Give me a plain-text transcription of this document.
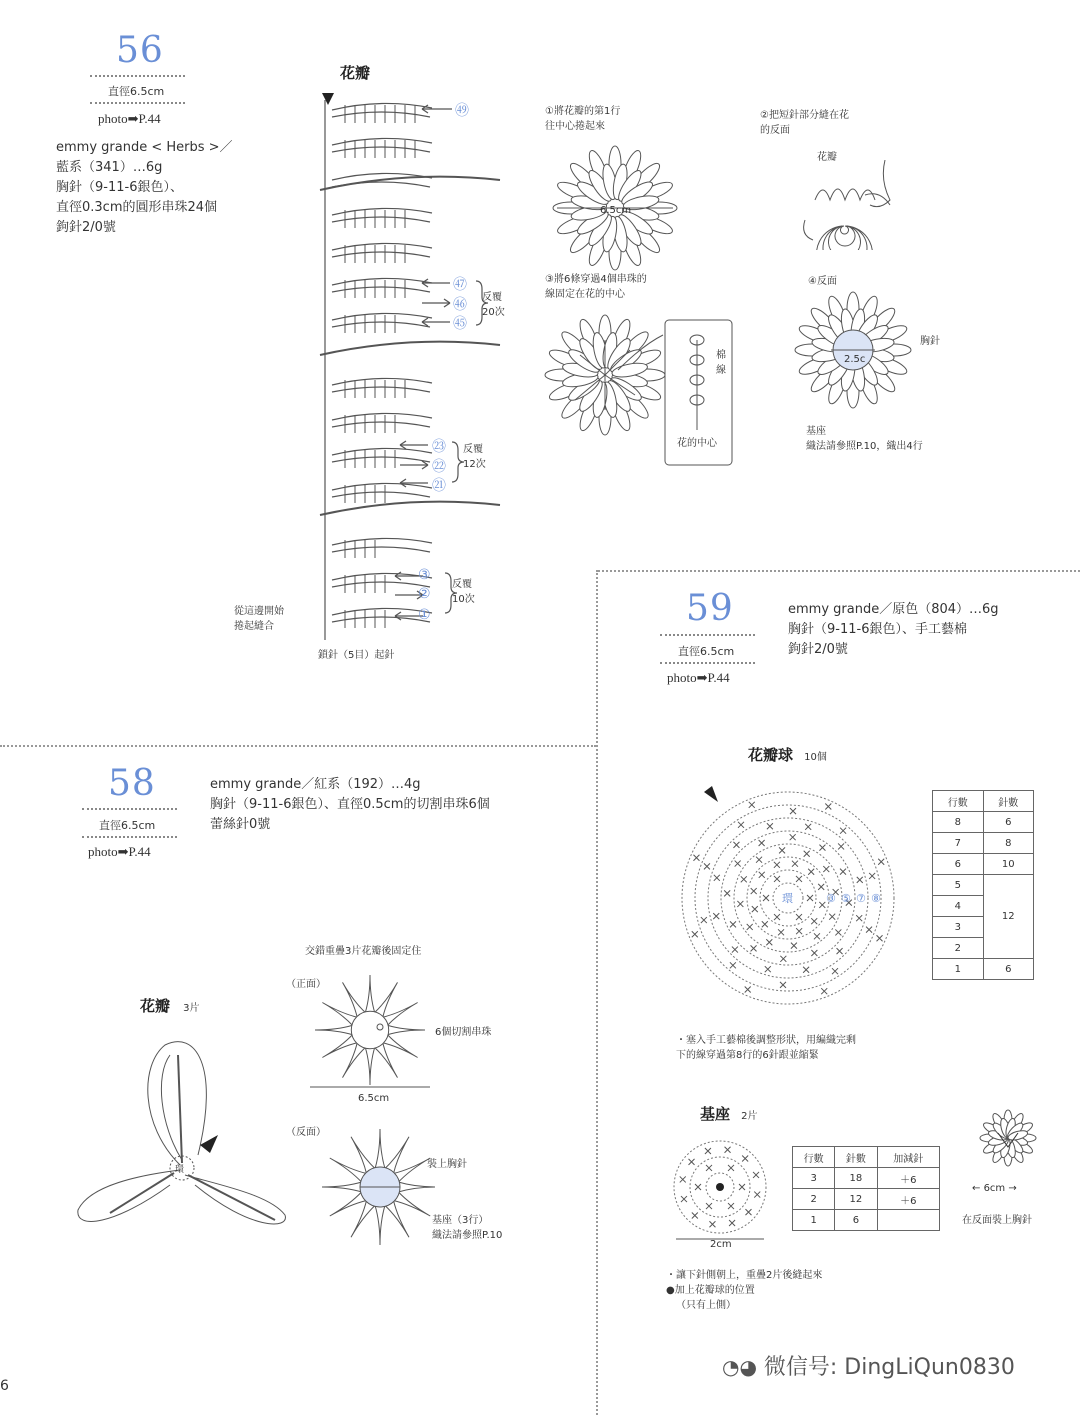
56
直徑6.5cm
photo➡P.44
emmy grande < Herbs >／
藍系（341）…6g
胸針（9-11-6銀色）、
直徑0.3cm的圓形串珠24個
鉤針2/0號
花瓣
㊾
㊼
㊻
㊺
反覆
20次
㉓
㉒
㉑
反覆
12次
③
②
①
反覆
10次
從這邊開始
捲起縫合
鎖針（5目）起針
①將花瓣的第1行
往中心捲起來
6.5cm
②把短針部分縫在花
的反面
花瓣
③將6條穿過4個串珠的
線固定在花的中心
棉線
花的中心
④反面
2.5c
胸針
基座
織法請參照P.10，織出4行
59
直徑6.5cm
photo➡P.44
emmy grande／原色（804）…6g
胸針（9-11-6銀色）、手工藝棉
鉤針2/0號
花瓣球 10個
環	③ ⑤ ⑦ ⑧
行數	針數
8	6
7	8
6	10
5	12
4	
3	
2	
1	6
・塞入手工藝棉後調整形狀，用編織完剩
下的線穿過第8行的6針跟並縮緊
基座 2片
2cm
行數	針數	加減針
3	18	＋6
2	12	＋6
1	6	
← 6cm →
在反面裝上胸針
・讓下針側朝上，重疊2片後縫起來
●加上花瓣球的位置
（只有上側）
58
直徑6.5cm
photo➡P.44
emmy grande／紅系（192）…4g
胸針（9-11-6銀色）、直徑0.5cm的切割串珠6個
蕾絲針0號
交錯重疊3片花瓣後固定住
（正面）
6個切割串珠
6.5cm
花瓣 3片
環
（反面）
裝上胸針
基座（3行）
織法請參照P.10
6
◔◕ 微信号: DingLiQun0830
